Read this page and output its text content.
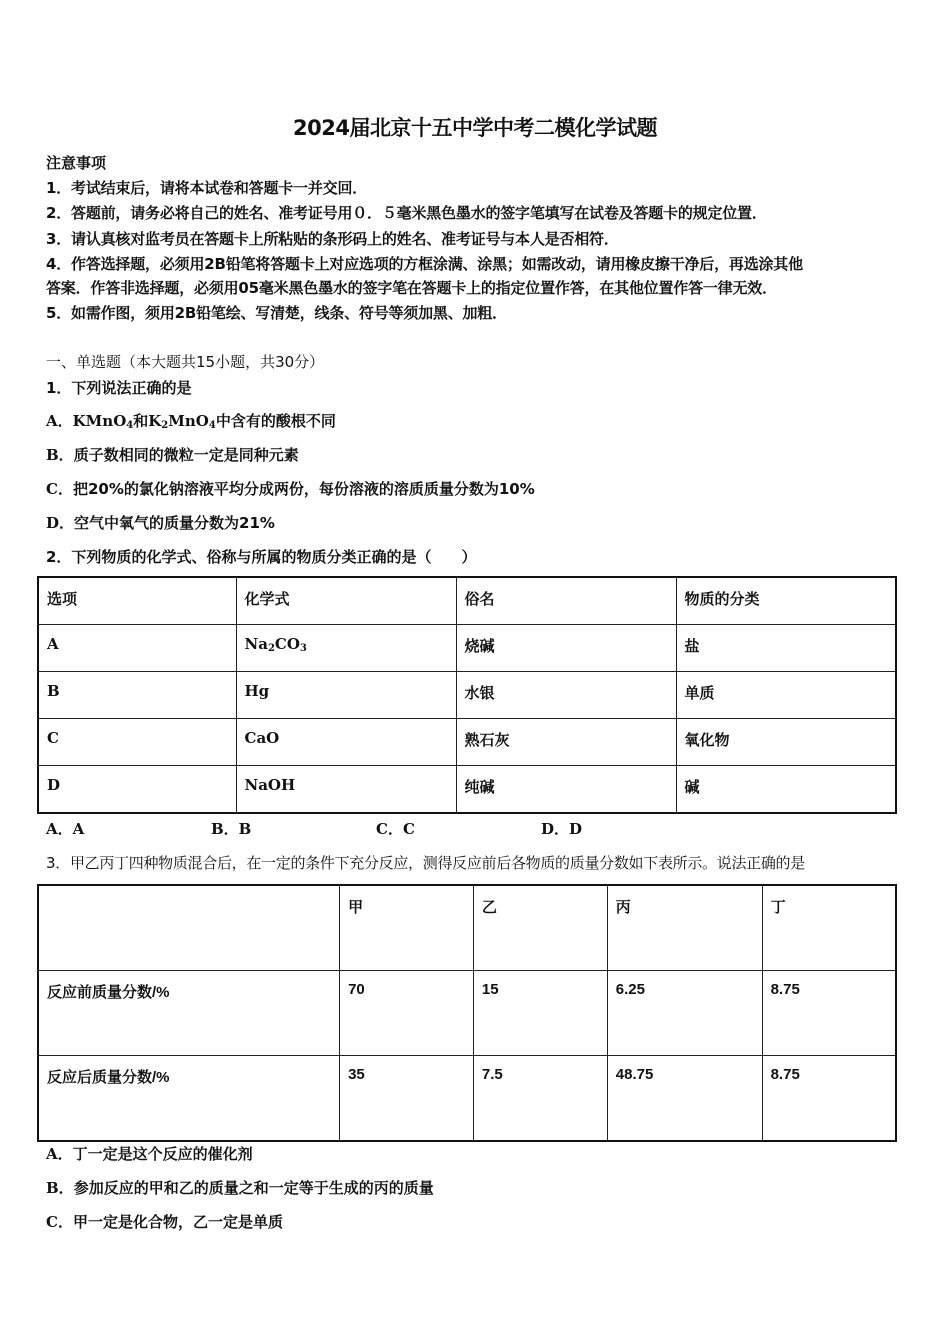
2024届北京十五中学中考二模化学试题
注意事项
1．考试结束后，请将本试卷和答题卡一并交回．
2．答题前，请务必将自己的姓名、准考证号用０．５毫米黑色墨水的签字笔填写在试卷及答题卡的规定位置．
3．请认真核对监考员在答题卡上所粘贴的条形码上的姓名、准考证号与本人是否相符．
4．作答选择题，必须用2B铅笔将答题卡上对应选项的方框涂满、涂黑；如需改动，请用橡皮擦干净后，再选涂其他
答案．作答非选择题，必须用05毫米黑色墨水的签字笔在答题卡上的指定位置作答，在其他位置作答一律无效．
5．如需作图，须用2B铅笔绘、写清楚，线条、符号等须加黑、加粗．
一、单选题（本大题共15小题，共30分）
1．下列说法正确的是
A．KMnO$_4$和$K_2MnO_4$中含有的酸根不同
B．质子数相同的微粒一定是同种元素
C．把20%的氯化钠溶液平均分成两份，每份溶液的溶质质量分数为10%
D．空气中氧气的质量分数为21%
2．下列物质的化学式、俗称与所属的物质分类正确的是（　　）
选项	化学式	俗名	物质的分类

A	$Na_2CO_3$	烧碱	盐

B	Hg	水银	单质

C	CaO	熟石灰	氧化物

D	NaOH	纯碱	碱
A．A	B．B	C．C	D．D
3．甲乙丙丁四种物质混合后，在一定的条件下充分反应，测得反应前后各物质的质量分数如下表所示。说法正确的是

	甲	乙	丙	丁

反应前质量分数/%	70	15	6.25	8.75

反应后质量分数/%	35	7.5	48.75	8.75
A．丁一定是这个反应的催化剂
B．参加反应的甲和乙的质量之和一定等于生成的丙的质量
C．甲一定是化合物，乙一定是单质
